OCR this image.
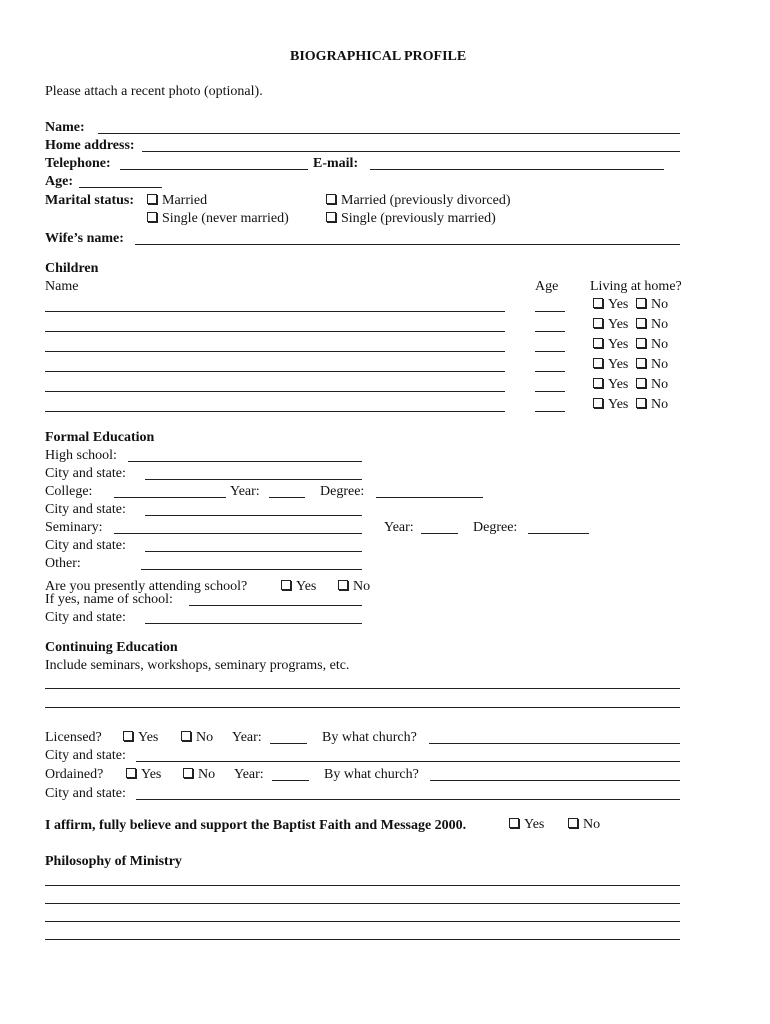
BIOGRAPHICAL PROFILE
Please attach a recent photo (optional).
Name:
Home address:
Telephone:	E-mail:
Age:
Marital status:	Married	Married (previously divorced)
Single (never married)	Single (previously married)
Wife’s name:
Children
Name	Age Living at home?
Yes	No
Yes	No
Yes	No
Yes	No
Yes	No
Yes	No
Formal Education
High school:
City and state:
College:	Year:	Degree:
City and state:
Seminary:	Year:	Degree:
City and state:
Other:
Are you presently attending school?	Yes	No
If yes, name of school:
City and state:
Continuing Education
Include seminars, workshops, seminary programs, etc.
Licensed?	Yes	No Year:	By what church?
City and state:
Ordained?	Yes	No Year:	By what church?
City and state:
I affirm, fully believe and support the Baptist Faith and Message 2000.	Yes	No
Philosophy of Ministry
